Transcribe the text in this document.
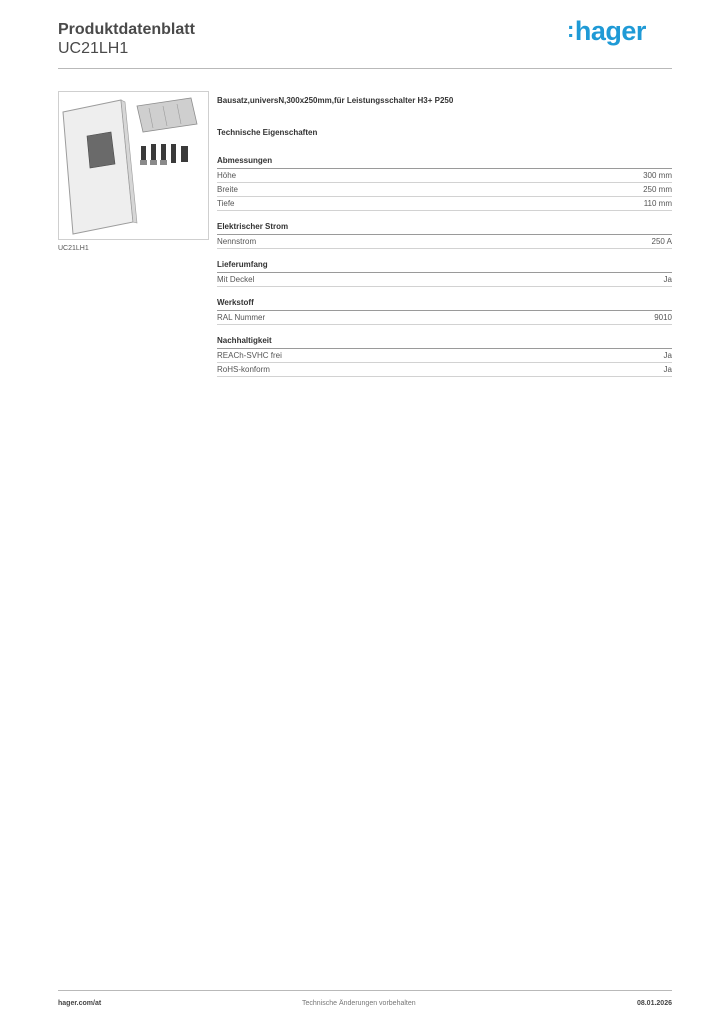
Produktdatenblatt
UC21LH1
:hager
UC21LH1
Bausatz,universN,300x250mm,für Leistungsschalter H3+ P250
Technische Eigenschaften
Abmessungen
Höhe	300 mm
Breite	250 mm
Tiefe	110 mm
Elektrischer Strom
Nennstrom	250 A
Lieferumfang
Mit Deckel	Ja
Werkstoff
RAL Nummer	9010
Nachhaltigkeit
REACh-SVHC frei	Ja
RoHS-konform	Ja
hager.com/at	Technische Änderungen vorbehalten	08.01.2026
